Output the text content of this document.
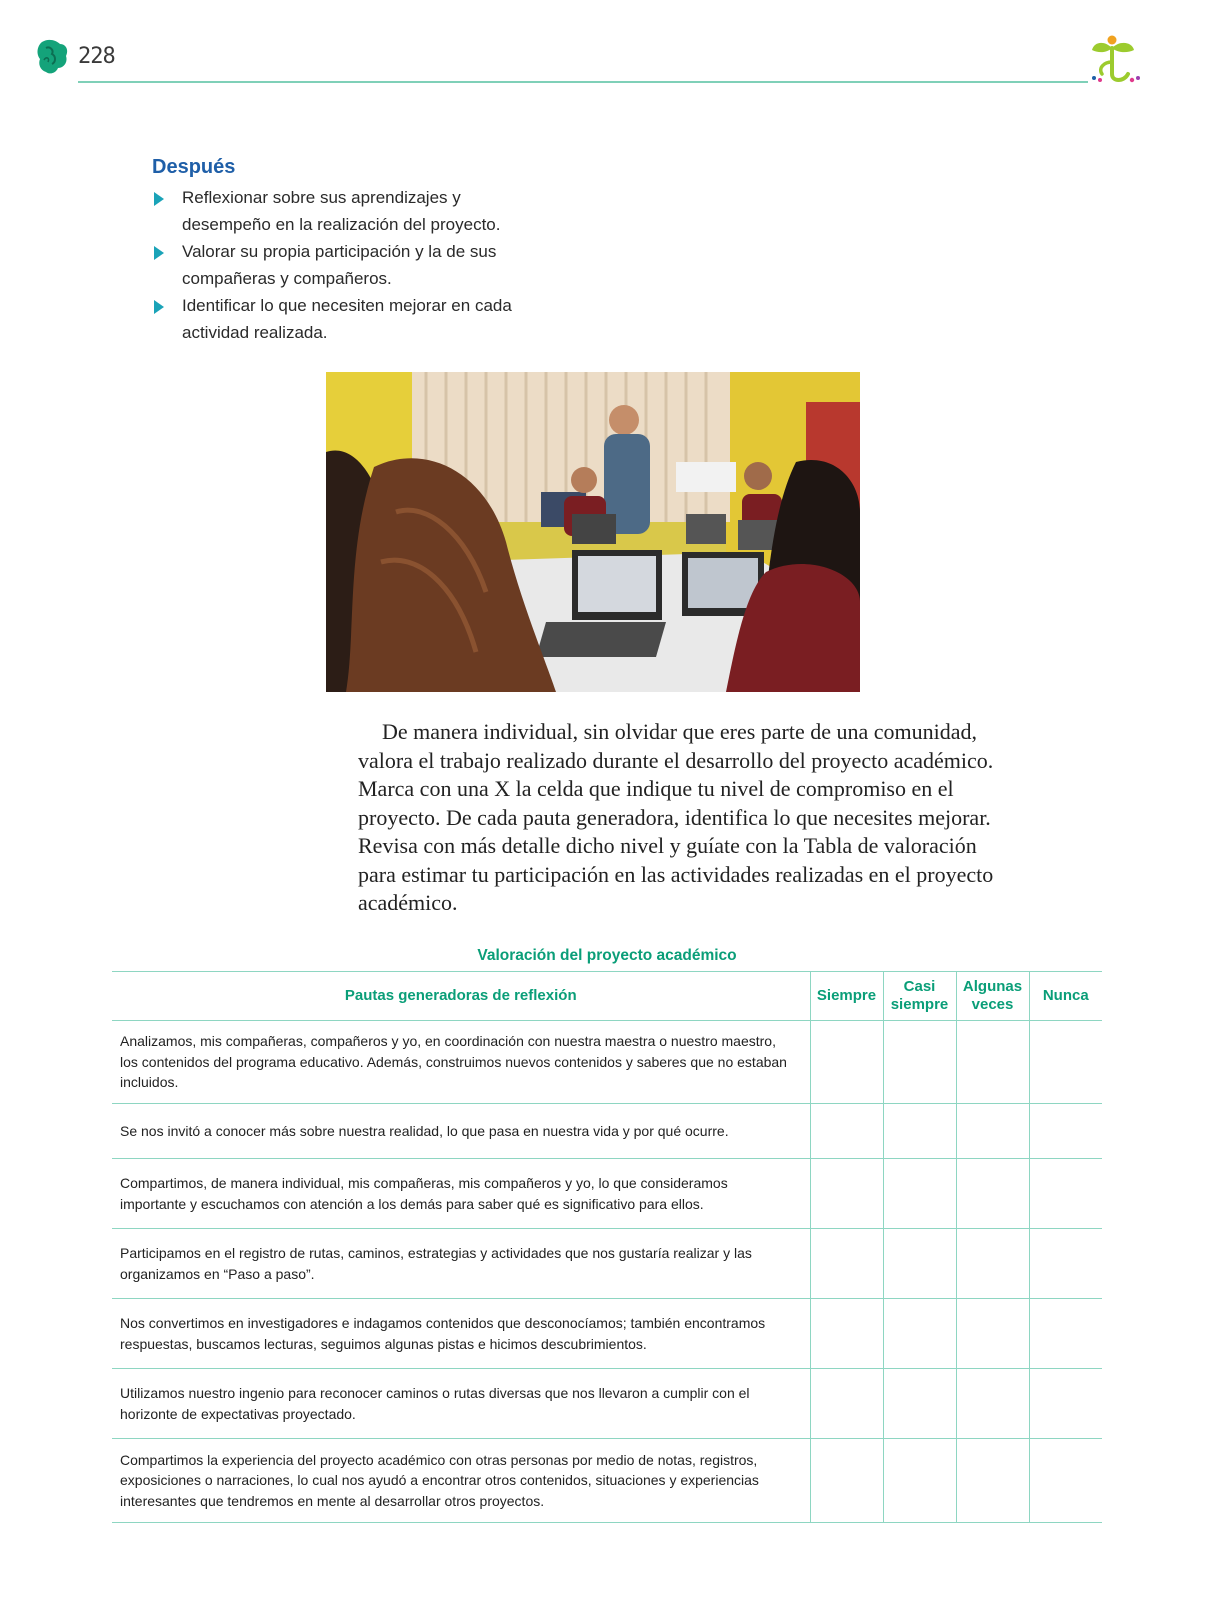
228
Después
Reflexionar sobre sus aprendizajes y desempeño en la realización del proyecto.
Valorar su propia participación y la de sus compañeras y compañeros.
Identificar lo que necesiten mejorar en cada actividad realizada.

De manera individual, sin olvidar que eres parte de una comunidad, valora el trabajo realizado durante el desarrollo del proyecto académico. Marca con una X la celda que indique tu nivel de compromiso en el proyecto. De cada pauta generadora, identifica lo que necesites mejorar. Revisa con más detalle dicho nivel y guíate con la Tabla de valoración para estimar tu participación en las actividades realizadas en el proyecto académico.

Valoración del proyecto académico
Pautas generadoras de reflexión	Siempre	Casi siempre	Algunas veces	Nunca
Analizamos, mis compañeras, compañeros y yo, en coordinación con nuestra maestra o nuestro maestro, los contenidos del programa educativo. Además, construimos nuevos contenidos y saberes que no estaban incluidos.				
Se nos invitó a conocer más sobre nuestra realidad, lo que pasa en nuestra vida y por qué ocurre.				
Compartimos, de manera individual, mis compañeras, mis compañeros y yo, lo que consideramos importante y escuchamos con atención a los demás para saber qué es significativo para ellos.				
Participamos en el registro de rutas, caminos, estrategias y actividades que nos gustaría realizar y las organizamos en “Paso a paso”.				
Nos convertimos en investigadores e indagamos contenidos que desconocíamos; también encontramos respuestas, buscamos lecturas, seguimos algunas pistas e hicimos descubrimientos.				
Utilizamos nuestro ingenio para reconocer caminos o rutas diversas que nos llevaron a cumplir con el horizonte de expectativas proyectado.				
Compartimos la experiencia del proyecto académico con otras personas por medio de notas, registros, exposiciones o narraciones, lo cual nos ayudó a encontrar otros contenidos, situaciones y experiencias interesantes que tendremos en mente al desarrollar otros proyectos.				
